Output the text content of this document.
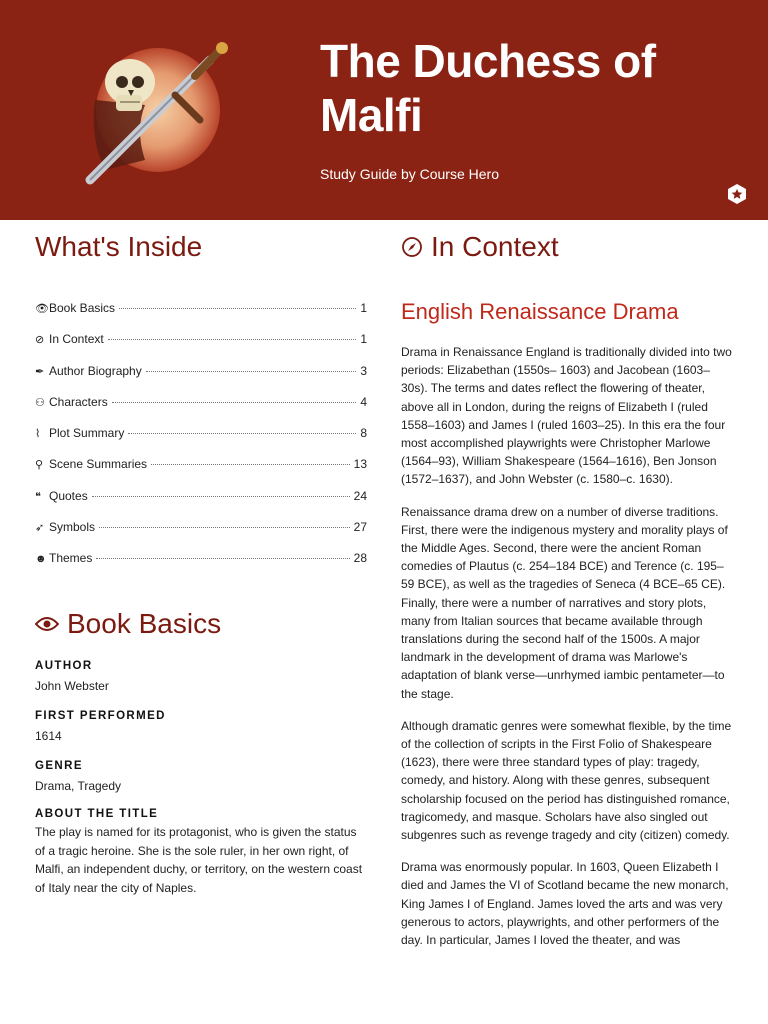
The Duchess of Malfi
Study Guide by Course Hero
What's Inside
👁 Book Basics	1
⊘ In Context	1
✒ Author Biography	3
⚇ Characters	4
⌇ Plot Summary	8
⚲ Scene Summaries	13
❝ Quotes	24
➶ Symbols	27
☻ Themes	28
Book Basics
AUTHOR
John Webster
FIRST PERFORMED
1614
GENRE
Drama, Tragedy
ABOUT THE TITLE
The play is named for its protagonist, who is given the status of a tragic heroine. She is the sole ruler, in her own right, of Malfi, an independent duchy, or territory, on the western coast of Italy near the city of Naples.
In Context
English Renaissance Drama

Drama in Renaissance England is traditionally divided into two periods: Elizabethan (1550s– 1603) and Jacobean (1603–30s). The terms and dates reflect the flowering of theater, above all in London, during the reigns of Elizabeth I (ruled 1558–1603) and James I (ruled 1603–25). In this era the four most accomplished playwrights were Christopher Marlowe (1564–93), William Shakespeare (1564–1616), Ben Jonson (1572–1637), and John Webster (c. 1580–c. 1630).

Renaissance drama drew on a number of diverse traditions. First, there were the indigenous mystery and morality plays of the Middle Ages. Second, there were the ancient Roman comedies of Plautus (c. 254–184 BCE) and Terence (c. 195–59 BCE), as well as the tragedies of Seneca (4 BCE–65 CE). Finally, there were a number of narratives and story plots, many from Italian sources that became available through translations during the second half of the 1500s. A major landmark in the development of drama was Marlowe's adaptation of blank verse—unrhymed iambic pentameter—to the stage.

Although dramatic genres were somewhat flexible, by the time of the collection of scripts in the First Folio of Shakespeare (1623), there were three standard types of play: tragedy, comedy, and history. Along with these genres, subsequent scholarship focused on the period has distinguished romance, tragicomedy, and masque. Scholars have also singled out subgenres such as revenge tragedy and city (citizen) comedy.

Drama was enormously popular. In 1603, Queen Elizabeth I died and James the VI of Scotland became the new monarch, King James I of England. James loved the arts and was very generous to actors, playwrights, and other performers of the day. In particular, James I loved the theater, and was
